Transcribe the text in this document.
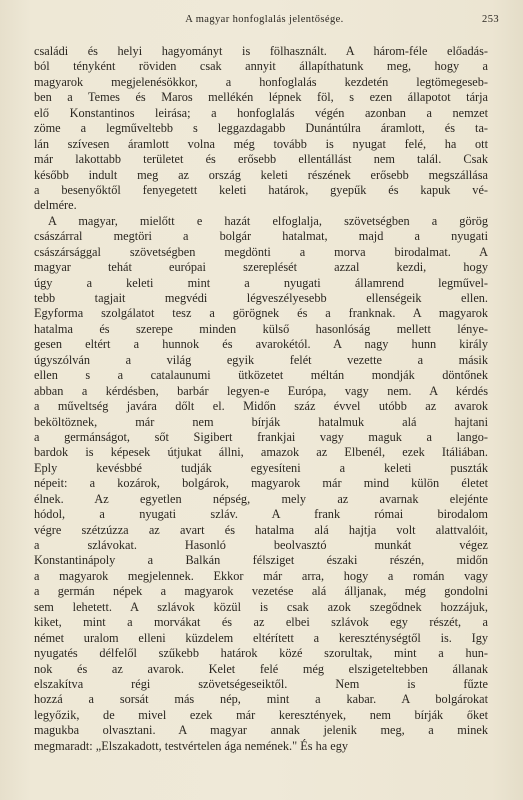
A magyar honfoglalás jelentősége.	253
családi és helyi hagyományt is fölhasznált. A három-féle előadás-
ból tényként röviden csak annyit állapíthatunk meg, hogy a
magyarok megjelenésökkor, a honfoglalás kezdetén legtömegeseb-
ben a Temes és Maros mellékén lépnek föl, s ezen állapotot tárja
elő Konstantinos leirása; a honfoglalás végén azonban a nemzet
zöme a legműveltebb s leggazdagabb Dunántúlra áramlott, és ta-
lán szívesen áramlott volna még tovább is nyugat felé, ha ott
már lakottabb területet és erősebb ellentállást nem talál. Csak
később indult meg az ország keleti részének erősebb megszállása
a besenyőktől fenyegetett keleti határok, gyepűk és kapuk vé-
delmére.
A magyar, mielőtt e hazát elfoglalja, szövetségben a görög
császárral megtöri a bolgár hatalmat, majd a nyugati
császársággal szövetségben megdönti a morva birodalmat. A
magyar tehát európai szereplését azzal kezdi, hogy
úgy a keleti mint a nyugati államrend legművel-
tebb tagjait megvédi légveszélyesebb ellenségeik ellen.
Egyforma szolgálatot tesz a görögnek és a franknak. A magyarok
hatalma és szerepe minden külső hasonlóság mellett lénye-
gesen eltért a hunnok és avarokétól. A nagy hunn király
úgyszólván a világ egyik felét vezette a másik
ellen s a catalaunumi ütközetet méltán mondják döntőnek
abban a kérdésben, barbár legyen-e Európa, vagy nem. A kérdés
a műveltség javára dőlt el. Midőn száz évvel utóbb az avarok
beköltöznek, már nem bírják hatalmuk alá hajtani
a germánságot, sőt Sigibert frankjai vagy maguk a lango-
bardok is képesek útjukat állni, amazok az Elbenél, ezek Itáliában.
Eply kevésbbé tudják egyesíteni a keleti puszták
népeit: a kozárok, bolgárok, magyarok már mind külön életet
élnek. Az egyetlen népség, mely az avarnak elejénte
hódol, a nyugati szláv. A frank római birodalom
végre szétzúzza az avart és hatalma alá hajtja volt alattvalóit,
a szlávokat. Hasonló beolvasztó munkát végez
Konstantinápoly a Balkán félsziget északi részén, midőn
a magyarok megjelennek. Ekkor már arra, hogy a román vagy
a germán népek a magyarok vezetése alá álljanak, még gondolni
sem lehetett. A szlávok közül is csak azok szegődnek hozzájuk,
kiket, mint a morvákat és az elbei szlávok egy részét, a
német uralom elleni küzdelem eltérített a kereszténységtől is. Igy
nyugatés délfelől szűkebb határok közé szorultak, mint a hun-
nok és az avarok. Kelet felé még elszigeteltebben állanak
elszakítva régi szövetségeseiktől. Nem is fűzte
hozzá a sorsát más nép, mint a kabar. A bolgárokat
legyőzik, de mivel ezek már keresztények, nem bírják őket
magukba olvasztani. A magyar annak jelenik meg, a minek
megmaradt: „Elszakadott, testvértelen ága nemének." És ha egy
